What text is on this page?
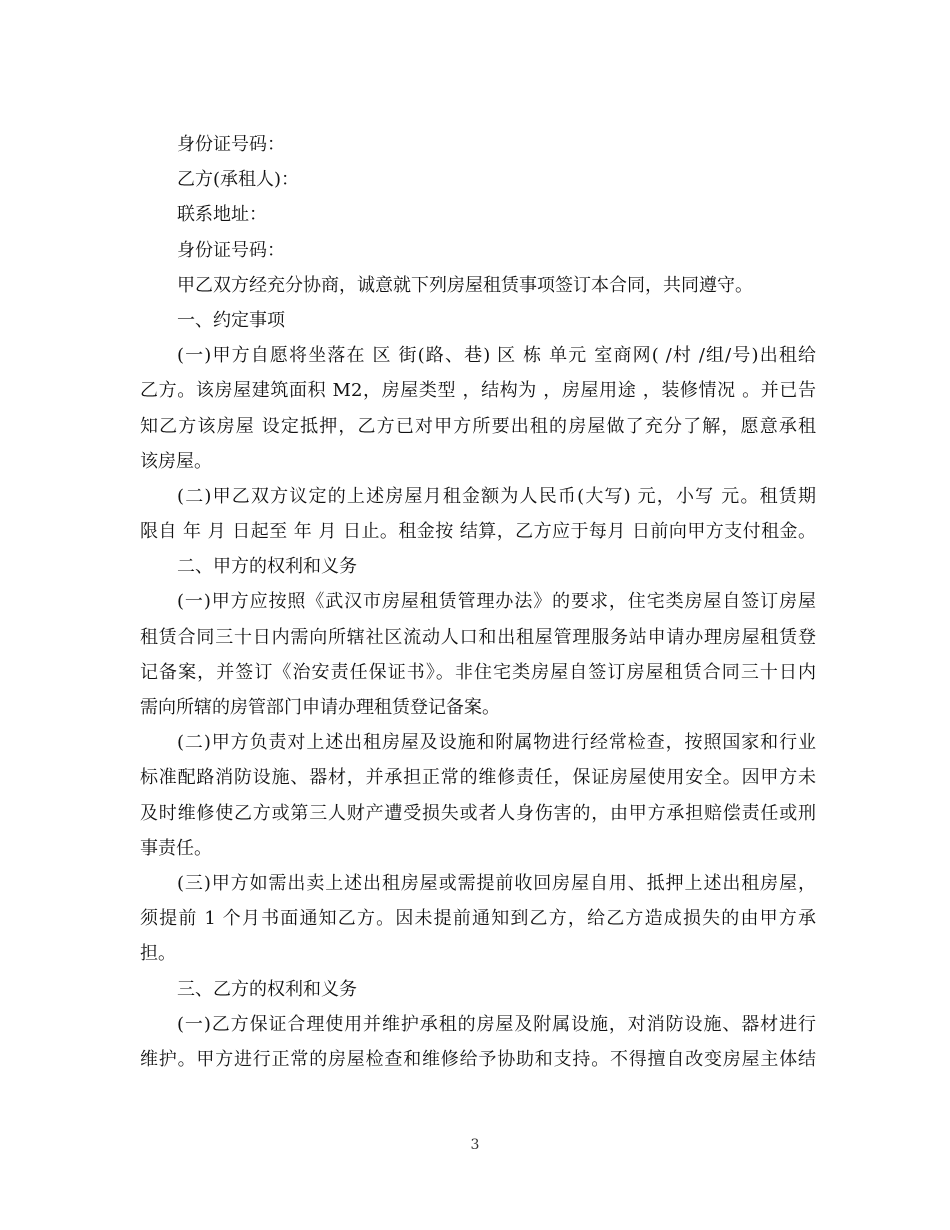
身份证号码：
乙方(承租人)：
联系地址：
身份证号码：
甲乙双方经充分协商，诚意就下列房屋租赁事项签订本合同，共同遵守。
一、约定事项
(一)甲方自愿将坐落在 区 街(路、巷) 区 栋 单元 室商网( /村 /组/号)出租给
乙方。该房屋建筑面积 M2，房屋类型 ，结构为 ，房屋用途 ，装修情况 。并已告
知乙方该房屋 设定抵押，乙方已对甲方所要出租的房屋做了充分了解，愿意承租
该房屋。
(二)甲乙双方议定的上述房屋月租金额为人民币(大写) 元，小写 元。租赁期
限自 年 月 日起至 年 月 日止。租金按 结算，乙方应于每月 日前向甲方支付租金。
二、甲方的权利和义务
(一)甲方应按照《武汉市房屋租赁管理办法》的要求，住宅类房屋自签订房屋
租赁合同三十日内需向所辖社区流动人口和出租屋管理服务站申请办理房屋租赁登
记备案，并签订《治安责任保证书》。非住宅类房屋自签订房屋租赁合同三十日内
需向所辖的房管部门申请办理租赁登记备案。
(二)甲方负责对上述出租房屋及设施和附属物进行经常检查，按照国家和行业
标准配路消防设施、器材，并承担正常的维修责任，保证房屋使用安全。因甲方未
及时维修使乙方或第三人财产遭受损失或者人身伤害的，由甲方承担赔偿责任或刑
事责任。
(三)甲方如需出卖上述出租房屋或需提前收回房屋自用、抵押上述出租房屋，
须提前 1 个月书面通知乙方。因未提前通知到乙方，给乙方造成损失的由甲方承
担。
三、乙方的权利和义务
(一)乙方保证合理使用并维护承租的房屋及附属设施，对消防设施、器材进行
维护。甲方进行正常的房屋检查和维修给予协助和支持。不得擅自改变房屋主体结
3
